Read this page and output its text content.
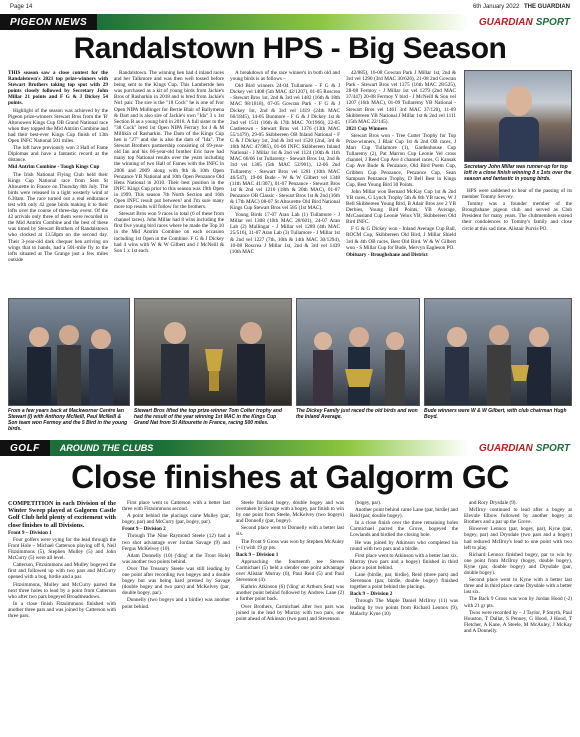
Page 14	6th January 2022 THE GUARDIAN
PIGEON NEWS	GUARDIAN SPORT
Randalstown HPS - Big Season

THIS season saw a close contest for the Randalstown's 2021 top prize-winners with Stewart Brothers taking top spot with 29 points closely followed by Secretary John Millar 21 points and F G & J Dickey 54 points.

Highlight of the season was achieved by the Pigeon prize-winners Stewart Bros from the 'B' Altonowen Kings Cup OB Grand National race when they topped the Mid Antrim Combine and had their best-ever Kings Cup finish of 13th Open INFC National 501 miles.

The loft have previously won 3 Hall of Fame Diplomas and have a fantastic record at the distance.

Mid Antrim Combine - Tough Kings Cup

The Irish National Flying Club held their Kings Cup National race from Sent St Altourette in France on Thursday 8th July. The birds were released in a light westerly wind at 6.30am. The race turned out a real endurance test with only 42 gone birds making it to their lofts over the course of three-day event. Of the 42 arrivals only three of them were recorded in the Mid Antrim Combine and the best of these was timed by Stewart Brothers of Randalstown who clocked at 13.58pm on the second day. Their 3-year-old dark chequer hen arriving on wings that to hands, had a 501-mile fly to the lofts situated at The Grange just a few miles outside

Randalstown. The winning hen had 4 inland races and her Talkmore and was then well tossed before being sent to the Kings Cup. This Lambertde hen was purchased as a kit of young birds from Jackie's Bros of Rasharkin in 2018 and is bred from Jackie's No1 pair. The sire is the "18 Cock" he is one of Ivor Open NIPA Midlinger for Bertie Blair of Ballymena & Dart and is also sire of Jackie's own "Ida" 3 x 1st Section B as a young bird in 2018. A full sister to the "38 Cock" bred 1st Open NIPA Ferrary for J & M Millikin of Rasharkin. The Dam of the Kings Cup hen is "27" and she is also the dam of "Ida". The Stewart Brothers partnership consisting of 69-year-old Ian and his 66-year-old brother Eric have had many top National results over the years including the winning of two Hall of Fames with the INFC in 2006 and 2009 along with 9th & 10th Open Penzance YB National and 10th Open Penzance Old Hens National in 2010. Their best position in the INFC Kings Cup prior to this season was 19th Open in 1999. This season 7th North Section and 16th Open INFC result put between! and I'm sure many more top results will follow for the brothers.

Stewart Bros won 9 races in total (6 of these from channel races). John Millar had 8 wins including the first five young bird races where he made the Top 10 in the Mid Antrim Combine on each occasion including 1st Open in the Combine. F G & J Dickey had 4 wins with W & W Gilbert and J McNeill & Son 1 x 1st each.

A breakdown of the race winner's in both old and young birds is as follows –

Old Bird winners 24-04 Tullamore - F G & J Dickey vel 1408 (5th MAC 42/1207), 01-05 Roscrea - Stewart Bros 1st, 2nd & 3rd vel 1482 (16th & 18th MAC 98/1818), 07-05 Gowran Park - F G & J Dickey 1st, 2nd & 3rd vel 1419 (24th MAC 66/1845), 14-05 Bunmore - F G & J Dickey 1st & 2nd vel 1511 (16th & 17th MAC 70/1966), 22-05 Castletown - Stewart Bros vel 1376 (13th MAC 55/1479), 29-05 Skibbereen OB Inland National - F G & J Dickey 1st, 2nd & 3rd vel 1520 (2nd, 3rd & 16th MAC 47/985), 01-06 INFC Skibbereen Inland National - J Millar 1st & 2nd vel 1124 (10th & 11th MAC 66/66 1st Tullaremy - Stewart Bros 1st, 2nd & 3rd vel 1305 (5th MAC 52/901), 12-06 2nd Tullaremy - Stewart Bros vel 1281 (10th MAC 46/547), 19-06 Bude - W & W Gilbert vel 1348 (11th MAC 41/307), 01-07 Penzance - Stewart Bros 1st & 2nd vel 1210 (18th & 20th MAC), 01-07 Penzance OB Classic - Stewart Bros 1st & 2nd (16th & 17th MAC) 08-07 St Altourette Old Bird National Kings Cup Stewart Bros vel 585 (1st MAC).

Young Birds 17-07 Aran Lab (1) Tullamore - J Millar vel 1308 (10th MAC 28/601), 24-07 Aran Lab (2) Mullingar - J Millar vel 1289 (4th MAC 25/516), 31-07 Aran Lab (3) Tullamore - J Millar 1st & 2nd vel 1227 (7th, 10th & 14th MAC 30/1294), 10-08 Roscrea J Millar 1st, 2nd & 3rd vel 1439 (10th MAC

42/885), 16-08 Gowran Park J Millar 1st, 2nd & 3rd vel 1290 (3rd MAC 30/626), 21-08 2nd Gowran Park - Stewart Bros vel 1375 (16th MAC 28/525), 28-08 Fermoy - J Millar 1st vel 1279 (2nd MAC 37/447) 20-08 Fermoy Y bird - J McNeill & Son vel 1207 (16th MAC), 01-09 Tullaremy YB National - Stewart Bros vel 1461 3rd MAC 37/120), 11-09 Skibbereen YB National J Millar 1st & 2nd vel 1111 (15th MAC 22/145).

2021 Cup Winners

Stewart Bros won - Tree Cutter Trophy for Top Prize-winners, J Blair Cup 1st & 2nd OB races, J Marr Cup Tullamore (1), Gardenhouse Cup Tullaremy (2), Pat Marron Cup Leonie Vel cross channel, J Reed Cup Ave 4 channel races, G Kansak Cup Ave Bude & Penzance, Old Bird Poem Cup, Gribben Cup Penzance, Penzance Cup, Sean Sampson Penzance Trophy, D Bell Best in Kings Cup, Best Young Bird 30 Points.

John Millar won Bernard McKay Cup 1st & 2nd YB races, G Lynch Trophy 5th & 6th YB races, W J Bell Skibbereen Young Bird, B Adair Bros ave 2 YB Derbies, Young Bird Points, YB Average, McCausland Cup Leonie Velox YB, Skibbereen Old Bird INFC.

F G & G Dickey won - Inland Average Cup Ball, ROCM Cup, Skibbereen Old Bird, J Millar Shield 3rd & 4th OB races, Best Old Bird. W & W Gilbert won - S Millar Cup for Bude, Mervyn Eagleson PO.

Obituary - Broughshane and District

HPS were saddened to hear of the passing of its member Tommy Sevvey.

Tommy was a founder member of the Broughshane pigeon club and served as Club President for many years. The clubmembers extend their condolences to Tommy's family and close circle at this sad time. Alistair Purvis PO.

Secretary John Millar was runner-up for top loft in a close finish winning 8 x 1sts over the season and fantastic in young birds.
From a few years back at Mackworner Centre Ian Stewart (l) with Anthony McNeill, Paul McNeill & Son team won Fermoy and the 5 Bird in the young birds.
Stewart Bros lifted the top prize-winner Tom Colter trophy and had the result of the year winning 1st MAC in the Kings Cup Grand Nat from St Altourette in France, racing 500 miles.
The Dickey Family just raced the old birds and won the Inland Average.
Bude winners were W & W Gilbert, with club chairman Hugh Boyd.
GOLF	AROUND THE CLUBS	GUARDIAN SPORT
Close finishes at Galgorm GC

COMPETITION in each Division of the Winter Sweep played at Galgorm Castle Golf Club held plenty of excitement with close finishes to all Divisions.

Front 9 – Division 1

Four golfers were vying for the lead through the Front Hole – Michael Catterson playing off 6, Neil Fitzsimmons (5), Stephen Mulley (5) and John McCurry (5) were all level.

Catterson, Fitzsimmons and Mulley bogeyed the first and followed up with two pars and McCurry opened with a bog, birdie and a par.

Fitzsimmons, Mulley and McCurry parred the next three holes to lead by a point from Catterson who after two pars bogeyed Broadmeadows.

In a close finish Fitzsimmons finished with another three pars and was joined by Catterson with three pars.

First place went to Catterson with a better last three with Fitzsimmons second.

A point behind the placings came Mulley (par, bogey, par) and McCurry (par, bogey, par).

Front 9 – Division 2

Through The Nine Raymond Steele (12) had a two shot advantage over Jordan Savage (9) and Fergus McKelvey (10).

Adam Donnelly (10) ('ding' at the Trout Hole) was another two points behind.

Over The Treasury Steele was still leading by one point after recording two bogeys and a double bogey but was being hard pressed by Savage (double bogey and two pars) and McKelvey (par, double bogey, par).

Donnelly (two bogeys and a birdie) was another point behind.

Steele finished bogey, double bogey and was overtaken by Savage with a bogey, par finish to win by one point from Steele, McKelvey (two bogeys) and Donnelly (par, bogey).

Second place went to Donnelly with a better last six.

The Front 9 Gross was won by Stephen McAuley (+1) with 19 gr pts.

Back 9 – Division 1

Approaching the fourteenth tee Steven Carmichael (5) held a slender one point advantage over Alistair Murray (6), Paul Reid (5) and Paul Stevenson (4).

Kathrin Atkinson (6) ('ding' at Arthurs Seat) was another point behind followed by Andrew Lane (2) a further point back.

Over Brothers, Carmichael after two pars was joined in the lead by Murray with two pars, one point ahead of Atkinson (two pars) and Stevenson

(bogey, par).

Another point behind came Lane (par, birdie) and Reid (par, double bogey).

In a close finish over the three remaining holes Carmichael parred the Grove, bogeyed the Lowlands and birdied the closing hole.

He was joined by Atkinson who completed his round with two pars and a birdie.

First place went to Atkinson with a better last six. Murray (two pars and a bogey) finished in third place a point behind.

Lane (birdie, par, birdie), Reid (three pars) and Stevenson (par, birdie, double bogey) finished together a point behind the placings.

Back 9 – Division 2

Through The Maple Daniel McIlroy (11) was leading by two points from Richard Lennox (9), Malachy Kyne (10)

and Rory Drysdale (9).

McIlroy continued to lead after a bogey at Elevule Elbow followed by another bogey at Brothers and a par up the Grove.

However Lennox (par, bogey, par), Kyne (par, bogey, par) and Drysdale (two pars and a bogey) had reduced McIlroy's lead to one point with two left to play.

Richard Lennox finished bogey, par to win by one point from McIlroy (bogey, double bogey), Kyne (par, double bogey) and Drysdale (par, double bogey).

Second place went to Kyne with a better last three and in third place came Drysdale with a better last six.

The Back 9 Gross was won by Jordan Hood (-2) with 21 gr pts.

Twos were recorded by – J Taylor, P Smyth, Paul Houston, T Dallat, S Penney, G Hood, J Hood, T Fletcher, A Kane, A Steele, M McAuley, J McKay and A Donnelly.
